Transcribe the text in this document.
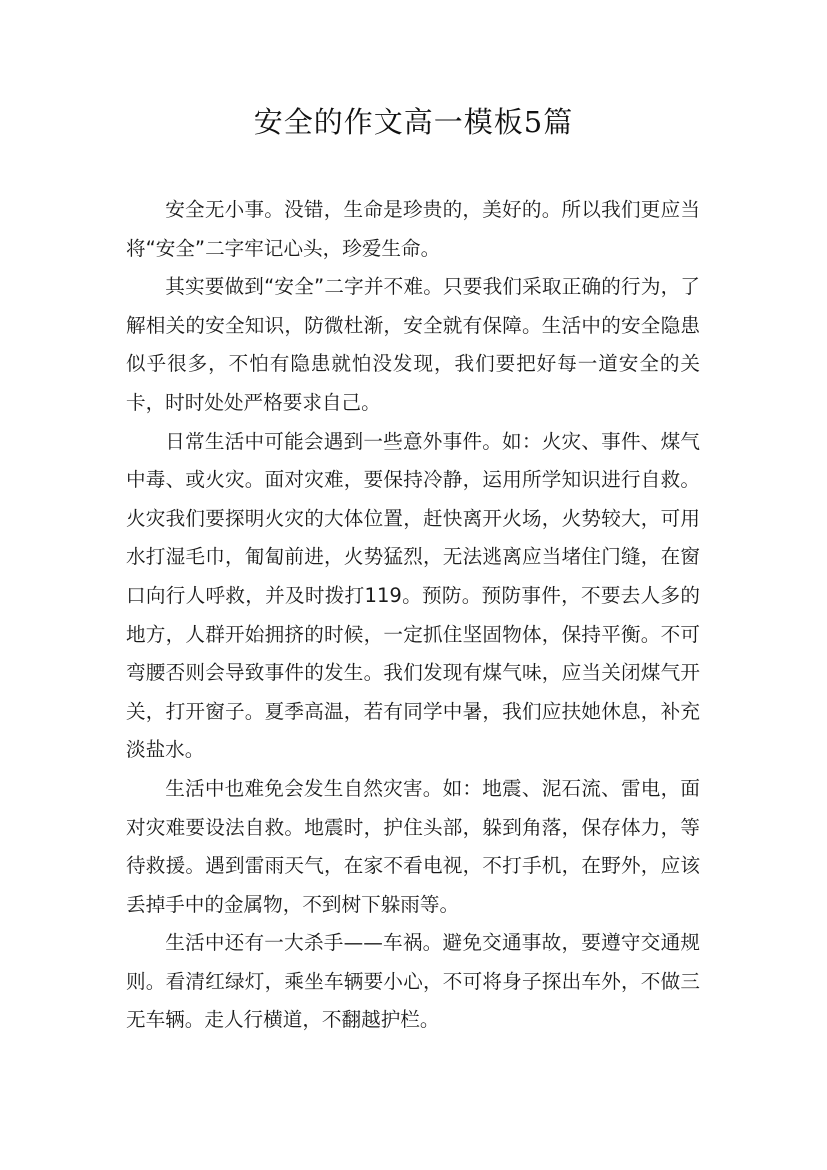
安全的作文高一模板5篇

安全无小事。没错，生命是珍贵的，美好的。所以我们更应当将“安全”二字牢记心头，珍爱生命。

其实要做到“安全”二字并不难。只要我们采取正确的行为，了解相关的安全知识，防微杜渐，安全就有保障。生活中的安全隐患似乎很多，不怕有隐患就怕没发现，我们要把好每一道安全的关卡，时时处处严格要求自己。

日常生活中可能会遇到一些意外事件。如：火灾、事件、煤气中毒、或火灾。面对灾难，要保持冷静，运用所学知识进行自救。火灾我们要探明火灾的大体位置，赶快离开火场，火势较大，可用水打湿毛巾，匍匐前进，火势猛烈，无法逃离应当堵住门缝，在窗口向行人呼救，并及时拨打119。预防。预防事件，不要去人多的地方，人群开始拥挤的时候，一定抓住坚固物体，保持平衡。不可弯腰否则会导致事件的发生。我们发现有煤气味，应当关闭煤气开关，打开窗子。夏季高温，若有同学中暑，我们应扶她休息，补充淡盐水。

生活中也难免会发生自然灾害。如：地震、泥石流、雷电，面对灾难要设法自救。地震时，护住头部，躲到角落，保存体力，等待救援。遇到雷雨天气，在家不看电视，不打手机，在野外，应该丢掉手中的金属物，不到树下躲雨等。

生活中还有一大杀手——车祸。避免交通事故，要遵守交通规则。看清红绿灯，乘坐车辆要小心，不可将身子探出车外，不做三无车辆。走人行横道，不翻越护栏。
